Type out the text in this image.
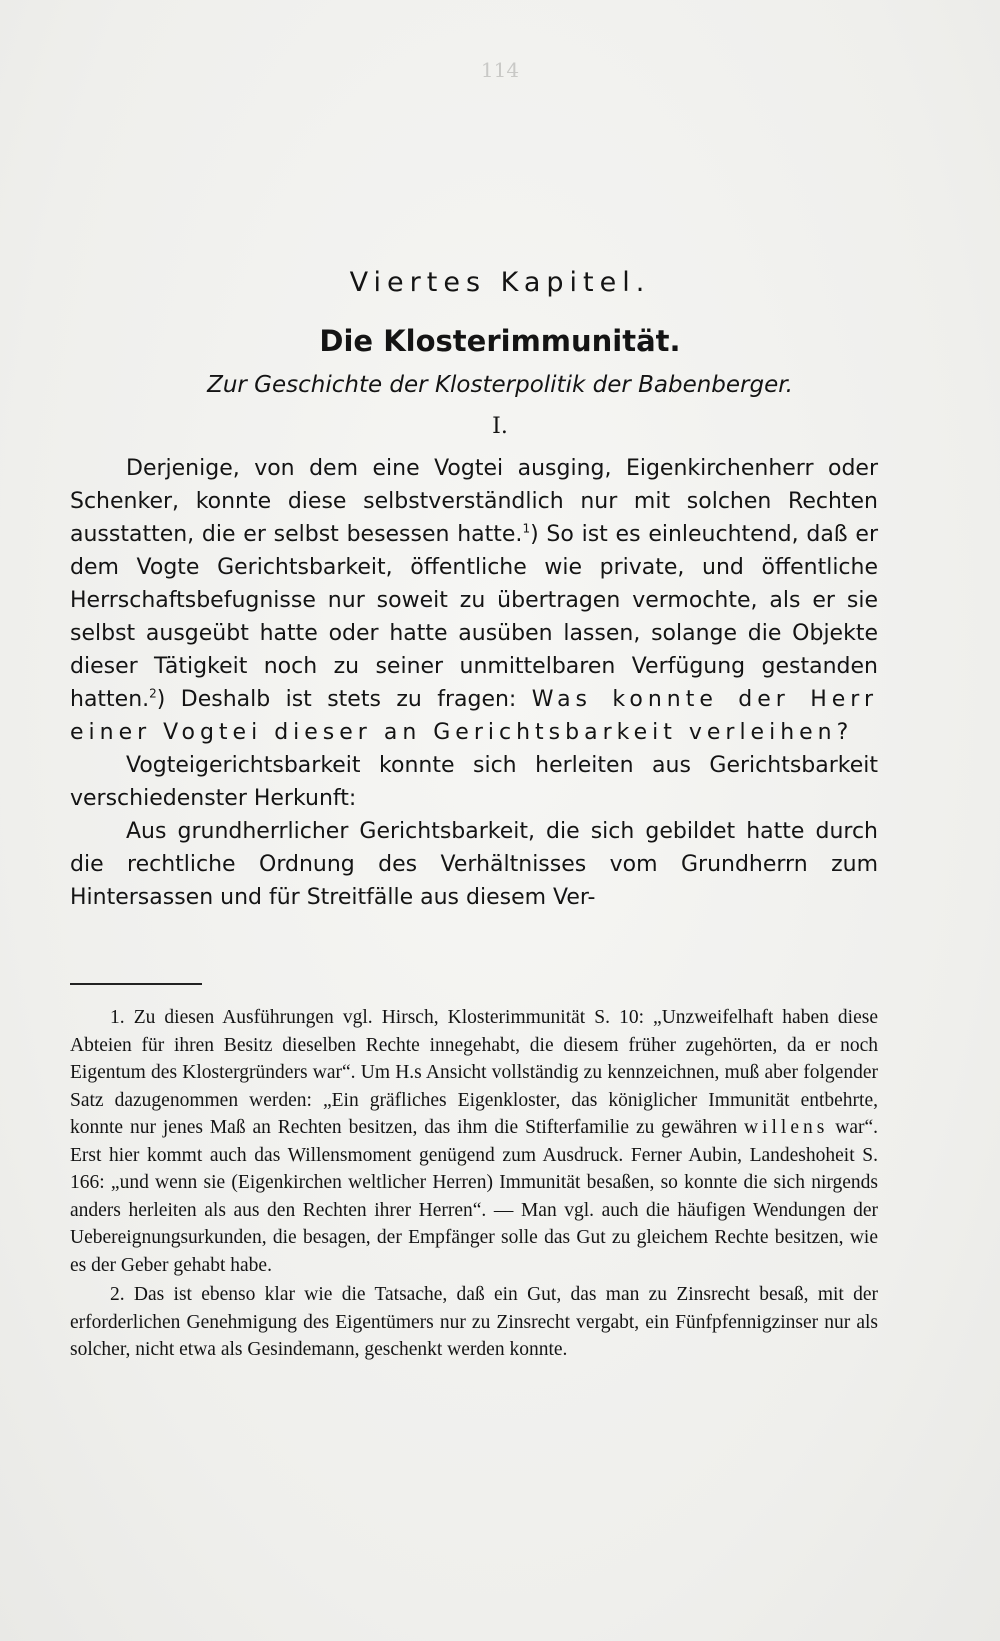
114
Viertes Kapitel.
Die Klosterimmunität.
Zur Geschichte der Klosterpolitik der Babenberger.
I.

Derjenige, von dem eine Vogtei ausging, Eigenkirchenherr oder Schenker, konnte diese selbstverständlich nur mit solchen Rechten ausstatten, die er selbst besessen hatte.$^1$) So ist es einleuchtend, daß er dem Vogte Gerichtsbarkeit, öffentliche wie private, und öffentliche Herrschaftsbefugnisse nur soweit zu übertragen vermochte, als er sie selbst ausgeübt hatte oder hatte ausüben lassen, solange die Objekte dieser Tätigkeit noch zu seiner unmittelbaren Verfügung gestanden hatten.$^2$) Deshalb ist stets zu fragen: Was konnte der Herr einer Vogtei dieser an Gerichtsbarkeit verleihen?

Vogteigerichtsbarkeit konnte sich herleiten aus Gerichtsbarkeit verschiedenster Herkunft:

Aus grundherrlicher Gerichtsbarkeit, die sich gebildet hatte durch die rechtliche Ordnung des Verhältnisses vom Grundherrn zum Hintersassen und für Streitfälle aus diesem Ver-

1. Zu diesen Ausführungen vgl. Hirsch, Klosterimmunität S. 10: „Unzweifelhaft haben diese Abteien für ihren Besitz dieselben Rechte innegehabt, die diesem früher zugehörten, da er noch Eigentum des Klostergründers war“. Um H.s Ansicht vollständig zu kennzeichnen, muß aber folgender Satz dazugenommen werden: „Ein gräfliches Eigenkloster, das königlicher Immunität entbehrte, konnte nur jenes Maß an Rechten besitzen, das ihm die Stifterfamilie zu gewähren willens war“. Erst hier kommt auch das Willensmoment genügend zum Ausdruck. Ferner Aubin, Landeshoheit S. 166: „und wenn sie (Eigenkirchen weltlicher Herren) Immunität besaßen, so konnte die sich nirgends anders herleiten als aus den Rechten ihrer Herren“. — Man vgl. auch die häufigen Wendungen der Uebereignungsurkunden, die besagen, der Empfänger solle das Gut zu gleichem Rechte besitzen, wie es der Geber gehabt habe.

2. Das ist ebenso klar wie die Tatsache, daß ein Gut, das man zu Zinsrecht besaß, mit der erforderlichen Genehmigung des Eigentümers nur zu Zinsrecht vergabt, ein Fünfpfennigzinser nur als solcher, nicht etwa als Gesindemann, geschenkt werden konnte.
